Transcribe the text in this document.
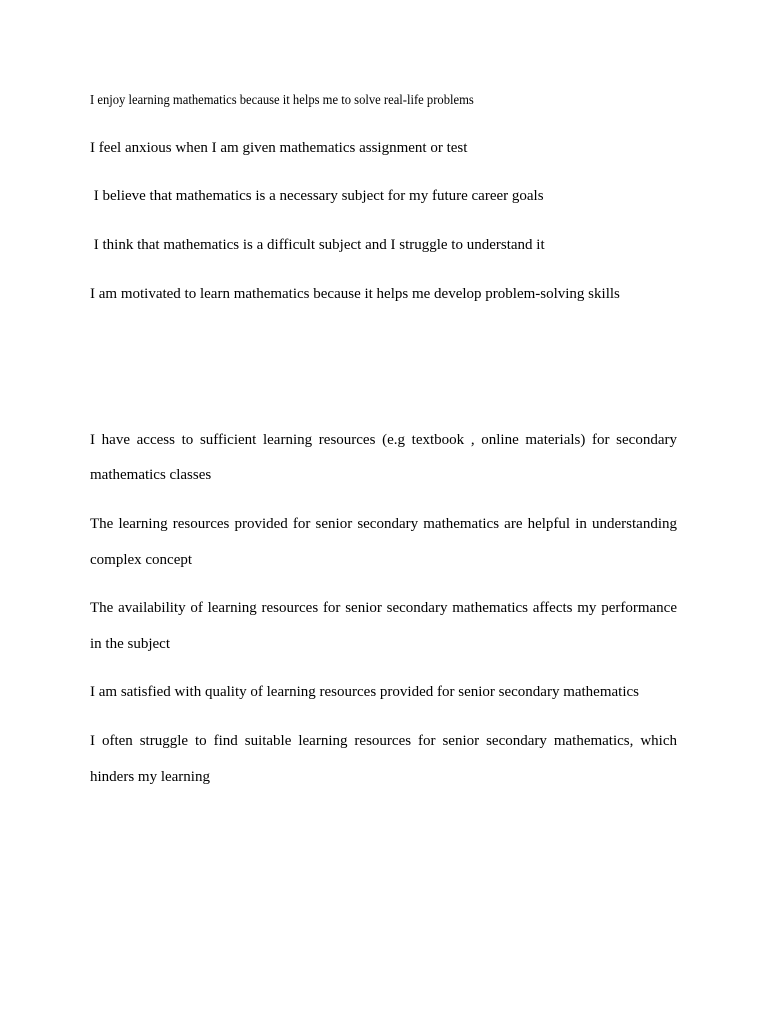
I enjoy learning mathematics because it helps me to solve real-life problems

I feel anxious when I am given mathematics assignment or test

I believe that mathematics is a necessary subject for my future career goals

I think that mathematics is a difficult subject and I struggle to understand it

I am motivated to learn mathematics because it helps me develop problem-solving skills

I have access to sufficient learning resources (e.g textbook , online materials) for secondary

mathematics classes

The learning resources provided for senior secondary mathematics are helpful in understanding

complex concept

The availability of learning resources for senior secondary mathematics affects my performance

in the subject

I am satisfied with quality of learning resources provided for senior secondary mathematics

I often struggle to find suitable learning resources for senior secondary mathematics, which

hinders my learning
